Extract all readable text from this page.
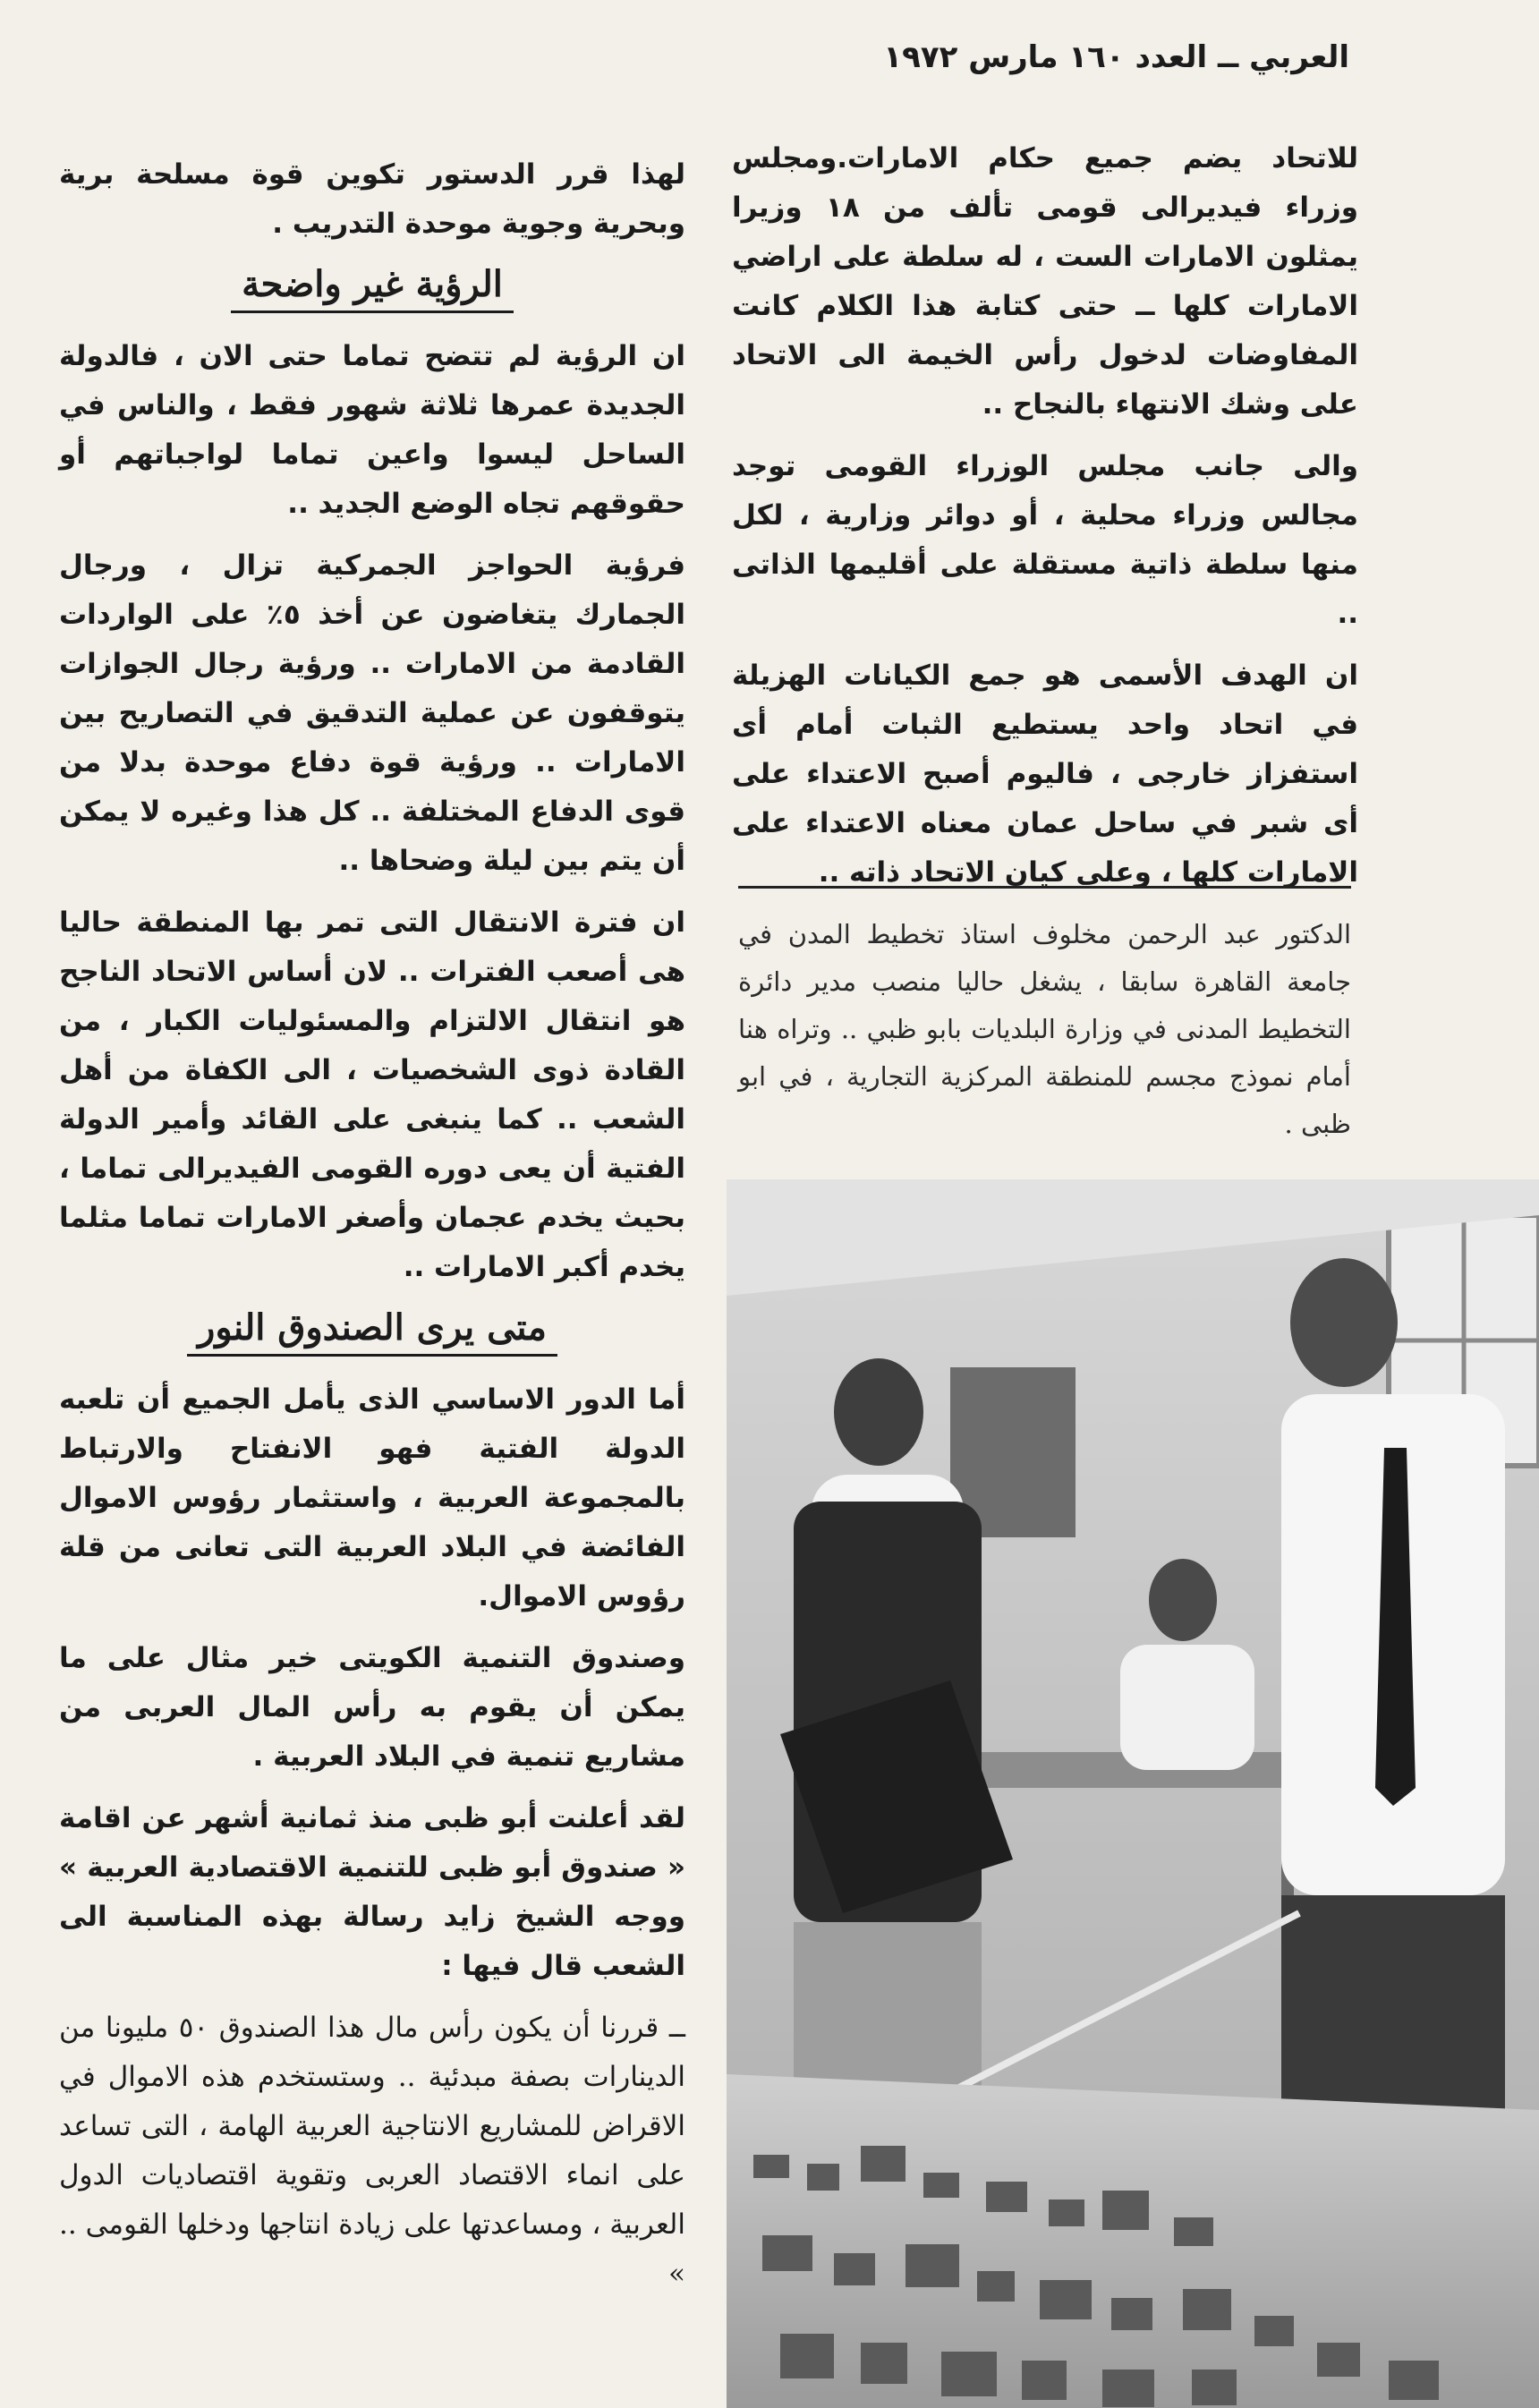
العربي ــ العدد ١٦٠ مارس ١٩٧٢

للاتحاد يضم جميع حكام الامارات.ومجلس وزراء فيديرالى قومى تألف من ١٨ وزيرا يمثلون الامارات الست ، له سلطة على اراضي الامارات كلها ــ حتى كتابة هذا الكلام كانت المفاوضات لدخول رأس الخيمة الى الاتحاد على وشك الانتهاء بالنجاح ..

والى جانب مجلس الوزراء القومى توجد مجالس وزراء محلية ، أو دوائر وزارية ، لكل منها سلطة ذاتية مستقلة على أقليمها الذاتى ..

ان الهدف الأسمى هو جمع الكيانات الهزيلة في اتحاد واحد يستطيع الثبات أمام أى استفزاز خارجى ، فاليوم أصبح الاعتداء على أى شبر في ساحل عمان معناه الاعتداء على الامارات كلها ، وعلى كيان الاتحاد ذاته ..

الدكتور عبد الرحمن مخلوف استاذ تخطيط المدن في جامعة القاهرة سابقا ، يشغل حاليا منصب مدير دائرة التخطيط المدنى في وزارة البلديات بابو ظبي .. وتراه هنا أمام نموذج مجسم للمنطقة المركزية التجارية ، في ابو ظبى .

لهذا قرر الدستور تكوين قوة مسلحة برية وبحرية وجوية موحدة التدريب .

الرؤية غير واضحة

ان الرؤية لم تتضح تماما حتى الان ، فالدولة الجديدة عمرها ثلاثة شهور فقط ، والناس في الساحل ليسوا واعين تماما لواجباتهم أو حقوقهم تجاه الوضع الجديد ..

فرؤية الحواجز الجمركية تزال ، ورجال الجمارك يتغاضون عن أخذ ٥٪ على الواردات القادمة من الامارات .. ورؤية رجال الجوازات يتوقفون عن عملية التدقيق في التصاريح بين الامارات .. ورؤية قوة دفاع موحدة بدلا من قوى الدفاع المختلفة .. كل هذا وغيره لا يمكن أن يتم بين ليلة وضحاها ..

ان فترة الانتقال التى تمر بها المنطقة حاليا هى أصعب الفترات .. لان أساس الاتحاد الناجح هو انتقال الالتزام والمسئوليات الكبار ، من القادة ذوى الشخصيات ، الى الكفاة من أهل الشعب .. كما ينبغى على القائد وأمير الدولة الفتية أن يعى دوره القومى الفيديرالى تماما ، بحيث يخدم عجمان وأصغر الامارات تماما مثلما يخدم أكبر الامارات ..

متى يرى الصندوق النور

أما الدور الاساسي الذى يأمل الجميع أن تلعبه الدولة الفتية فهو الانفتاح والارتباط بالمجموعة العربية ، واستثمار رؤوس الاموال الفائضة في البلاد العربية التى تعانى من قلة رؤوس الاموال.

وصندوق التنمية الكويتى خير مثال على ما يمكن أن يقوم به رأس المال العربى من مشاريع تنمية في البلاد العربية .

لقد أعلنت أبو ظبى منذ ثمانية أشهر عن اقامة « صندوق أبو ظبى للتنمية الاقتصادية العربية » ووجه الشيخ زايد رسالة بهذه المناسبة الى الشعب قال فيها :

ــ قررنا أن يكون رأس مال هذا الصندوق ٥٠ مليونا من الدينارات بصفة مبدئية .. وستستخدم هذه الاموال في الاقراض للمشاريع الانتاجية العربية الهامة ، التى تساعد على انماء الاقتصاد العربى وتقوية اقتصاديات الدول العربية ، ومساعدتها على زيادة انتاجها ودخلها القومى .. »
